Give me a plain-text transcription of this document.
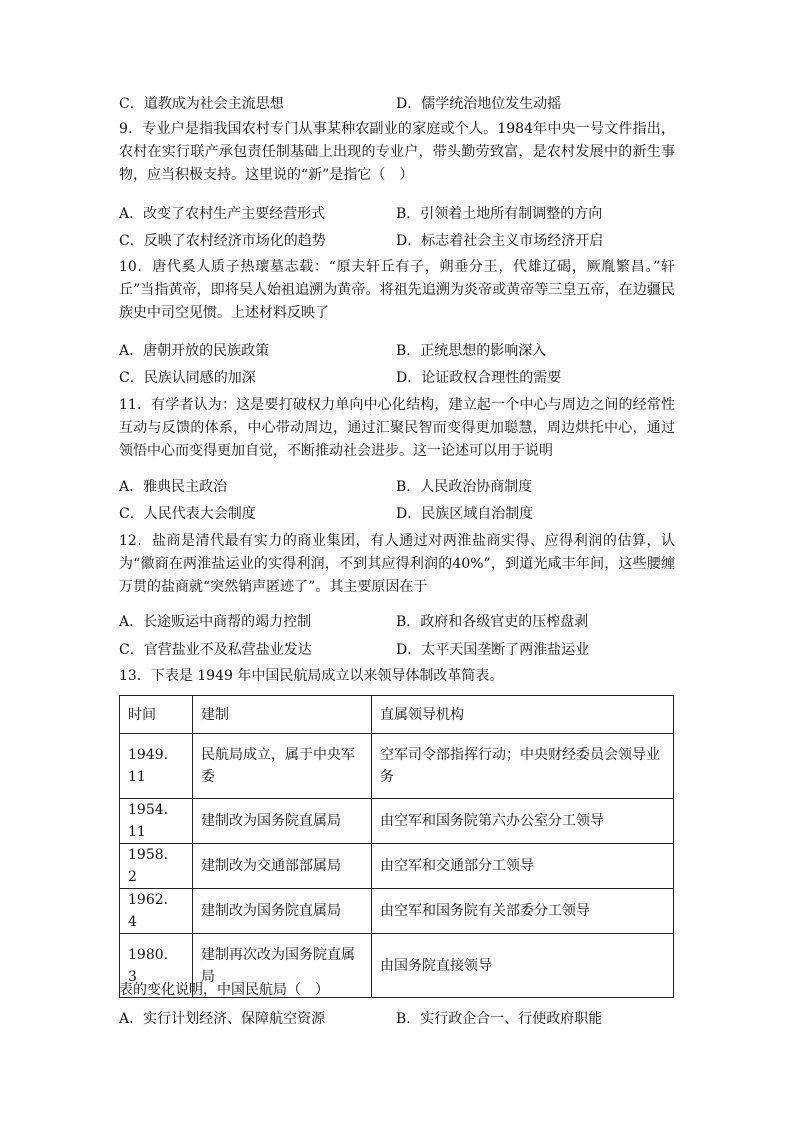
C．道教成为社会主流思想	D．儒学统治地位发生动摇
9．专业户是指我国农村专门从事某种农副业的家庭或个人。1984年中央一号文件指出，农村在实行联产承包责任制基础上出现的专业户，带头勤劳致富，是农村发展中的新生事物，应当积极支持。这里说的“新”是指它（　）
A．改变了农村生产主要经营形式	B．引领着土地所有制调整的方向
C．反映了农村经济市场化的趋势	D．标志着社会主义市场经济开启
10．唐代奚人质子热瓌墓志载：“原夫轩丘有子，朔垂分王，代雄辽碣，厥胤繁昌。”轩丘”当指黄帝，即将吴人始祖追溯为黄帝。将祖先追溯为炎帝或黄帝等三皇五帝，在边疆民族史中司空见惯。上述材料反映了
A．唐朝开放的民族政策	B．正统思想的影响深入
C．民族认同感的加深	D．论证政权合理性的需要
11．有学者认为：这是要打破权力单向中心化结构，建立起一个中心与周边之间的经常性互动与反馈的体系，中心带动周边，通过汇聚民智而变得更加聪慧，周边烘托中心，通过领悟中心而变得更加自觉，不断推动社会进步。这一论述可以用于说明
A．雅典民主政治	B．人民政治协商制度
C．人民代表大会制度	D．民族区域自治制度
12．盐商是清代最有实力的商业集团，有人通过对两淮盐商实得、应得利润的估算，认为“徽商在两淮盐运业的实得利润，不到其应得利润的40%”，到道光咸丰年间，这些腰缠万贯的盐商就“突然销声匿迹了”。其主要原因在于
A．长途贩运中商帮的竭力控制	B．政府和各级官吏的压榨盘剥
C．官营盐业不及私营盐业发达	D．太平天国垄断了两淮盐运业
13．下表是 1949 年中国民航局成立以来领导体制改革简表。
时间	建制	直属领导机构
1949．11	民航局成立，属于中央军委	空军司令部指挥行动；中央财经委员会领导业务
1954．11	建制改为国务院直属局	由空军和国务院第六办公室分工领导
1958．2	建制改为交通部部属局	由空军和交通部分工领导
1962．4	建制改为国务院直属局	由空军和国务院有关部委分工领导
1980．3	建制再次改为国务院直属局	由国务院直接领导
表的变化说明，中国民航局（　）
A．实行计划经济、保障航空资源	B．实行政企合一、行使政府职能
